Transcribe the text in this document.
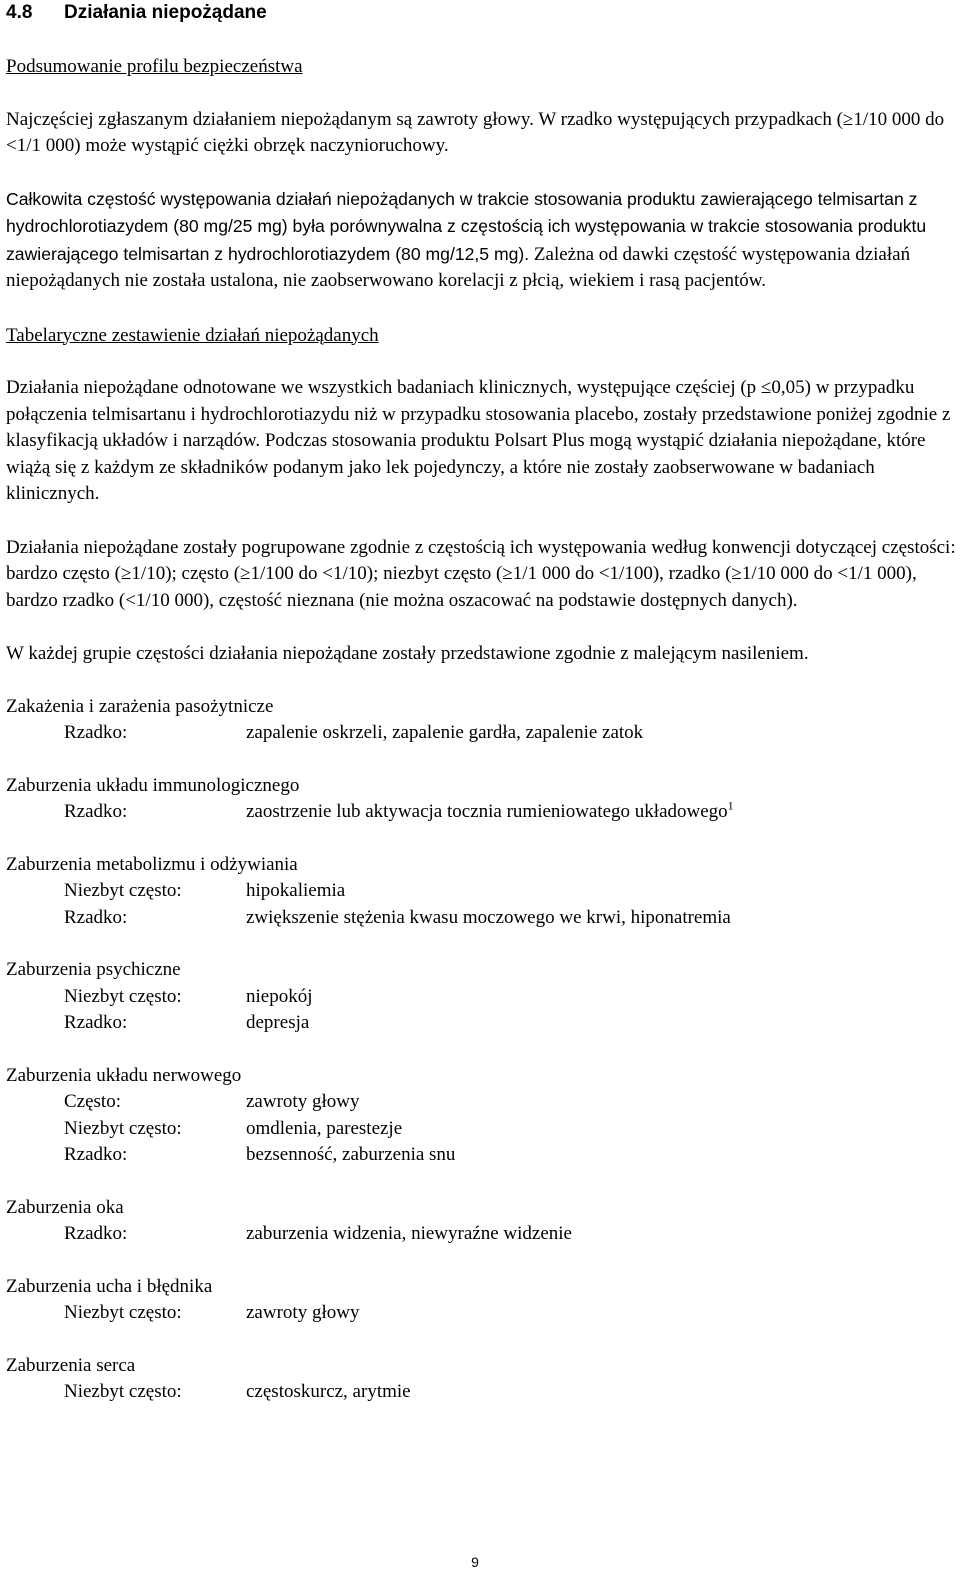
4.8	Działania niepożądane

Podsumowanie profilu bezpieczeństwa

Najczęściej zgłaszanym działaniem niepożądanym są zawroty głowy. W rzadko występujących przypadkach (≥1/10 000 do <1/1 000) może wystąpić ciężki obrzęk naczynioruchowy.

Całkowita częstość występowania działań niepożądanych w trakcie stosowania produktu zawierającego telmisartan z hydrochlorotiazydem (80 mg/25 mg) była porównywalna z częstością ich występowania w trakcie stosowania produktu zawierającego telmisartan z hydrochlorotiazydem (80 mg/12,5 mg). Zależna od dawki częstość występowania działań niepożądanych nie została ustalona, nie zaobserwowano korelacji z płcią, wiekiem i rasą pacjentów.

Tabelaryczne zestawienie działań niepożądanych

Działania niepożądane odnotowane we wszystkich badaniach klinicznych, występujące częściej (p ≤0,05) w przypadku połączenia telmisartanu i hydrochlorotiazydu niż w przypadku stosowania placebo, zostały przedstawione poniżej zgodnie z klasyfikacją układów i narządów. Podczas stosowania produktu Polsart Plus mogą wystąpić działania niepożądane, które wiążą się z każdym ze składników podanym jako lek pojedynczy, a które nie zostały zaobserwowane w badaniach klinicznych.

Działania niepożądane zostały pogrupowane zgodnie z częstością ich występowania według konwencji dotyczącej częstości: bardzo często (≥1/10); często (≥1/100 do <1/10); niezbyt często (≥1/1 000 do <1/100), rzadko (≥1/10 000 do <1/1 000), bardzo rzadko (<1/10 000), częstość nieznana (nie można oszacować na podstawie dostępnych danych).

W każdej grupie częstości działania niepożądane zostały przedstawione zgodnie z malejącym nasileniem.

Zakażenia i zarażenia pasożytnicze
Rzadko:	zapalenie oskrzeli, zapalenie gardła, zapalenie zatok
Zaburzenia układu immunologicznego
Rzadko:	zaostrzenie lub aktywacja tocznia rumieniowatego układowego$^1$
Zaburzenia metabolizmu i odżywiania
Niezbyt często:	hipokaliemia
Rzadko:	zwiększenie stężenia kwasu moczowego we krwi, hiponatremia
Zaburzenia psychiczne
Niezbyt często:	niepokój
Rzadko:	depresja
Zaburzenia układu nerwowego
Często:	zawroty głowy
Niezbyt często:	omdlenia, parestezje
Rzadko:	bezsenność, zaburzenia snu
Zaburzenia oka
Rzadko:	zaburzenia widzenia, niewyraźne widzenie
Zaburzenia ucha i błędnika
Niezbyt często:	zawroty głowy
Zaburzenia serca
Niezbyt często:	częstoskurcz, arytmie
9
